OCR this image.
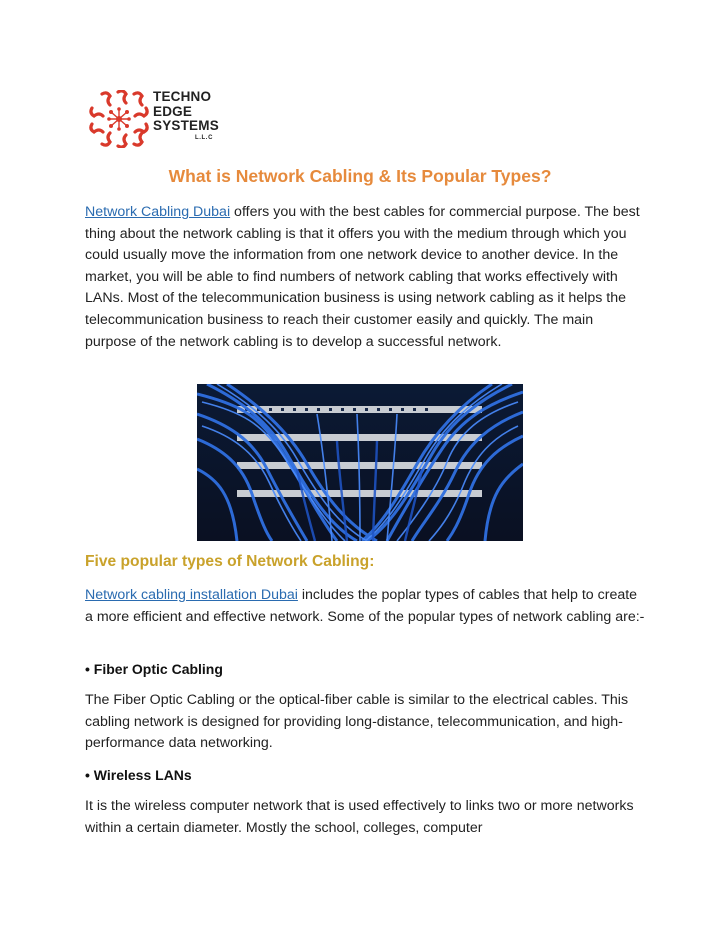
TECHNO
EDGE
SYSTEMS
L.L.C
What is Network Cabling & Its Popular Types?

Network Cabling Dubai offers you with the best cables for commercial purpose. The best thing about the network cabling is that it offers you with the medium through which you could usually move the information from one network device to another device. In the market, you will be able to find numbers of network cabling that works effectively with LANs. Most of the telecommunication business is using network cabling as it helps the telecommunication business to reach their customer easily and quickly. The main purpose of the network cabling is to develop a successful network.

Five popular types of Network Cabling:

Network cabling installation Dubai includes the poplar types of cables that help to create a more efficient and effective network. Some of the popular types of network cabling are:-

• Fiber Optic Cabling

The Fiber Optic Cabling or the optical-fiber cable is similar to the electrical cables. This cabling network is designed for providing long-distance, telecommunication, and high-performance data networking.

• Wireless LANs

It is the wireless computer network that is used effectively to links two or more networks within a certain diameter. Mostly the school, colleges, computer
